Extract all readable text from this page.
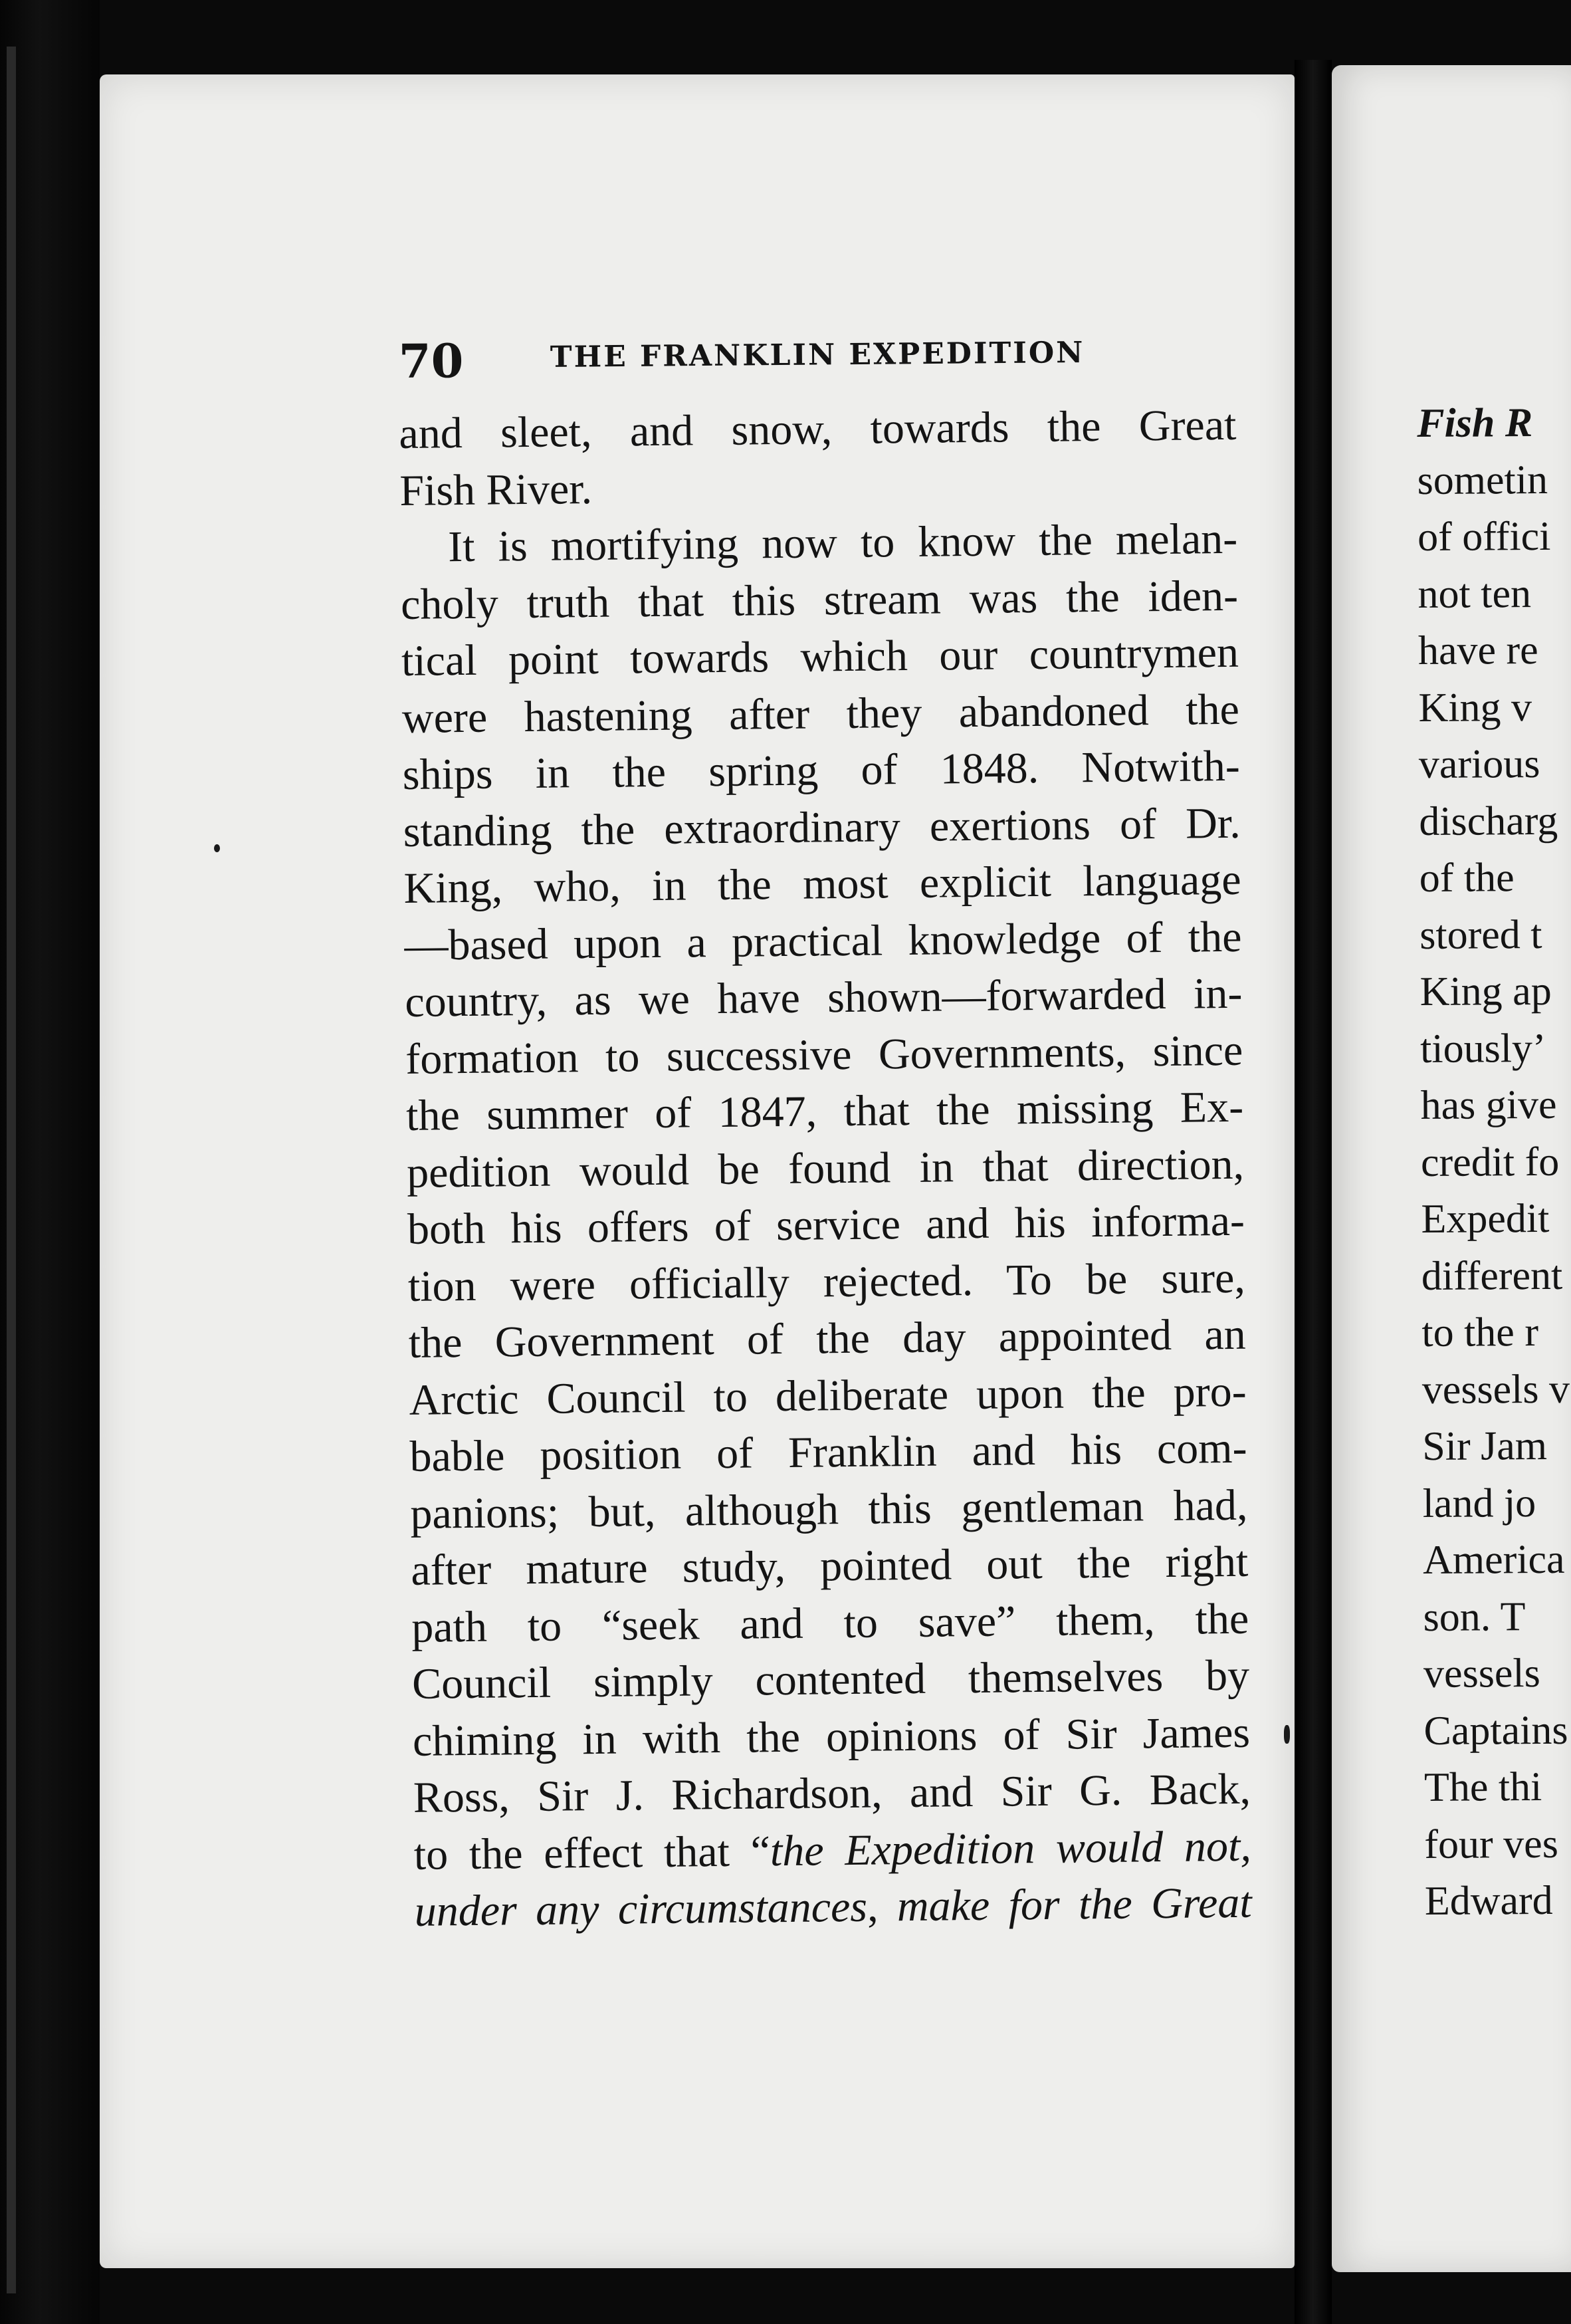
70	THE FRANKLIN EXPEDITION
and sleet, and snow, towards the Great
Fish River.
It is mortifying now to know the melan-
choly truth that this stream was the iden-
tical point towards which our countrymen
were hastening after they abandoned the
ships in the spring of 1848. Notwith-
standing the extraordinary exertions of Dr.
King, who, in the most explicit language
—based upon a practical knowledge of the
country, as we have shown—forwarded in-
formation to successive Governments, since
the summer of 1847, that the missing Ex-
pedition would be found in that direction,
both his offers of service and his informa-
tion were officially rejected. To be sure,
the Government of the day appointed an
Arctic Council to deliberate upon the pro-
bable position of Franklin and his com-
panions; but, although this gentleman had,
after mature study, pointed out the right
path to “seek and to save” them, the
Council simply contented themselves by
chiming in with the opinions of Sir James
Ross, Sir J. Richardson, and Sir G. Back,
to the effect that “the Expedition would not,
under any circumstances, make for the Great
Fish R
sometin
of offici
not ten
have re
King v
various
discharg
of the
stored t
King ap
tiously’
has give
credit fo
Expedit
different
to the r
vessels v
Sir Jam
land jo
America
son. T
vessels
Captains
The thi
four ves
Edward
